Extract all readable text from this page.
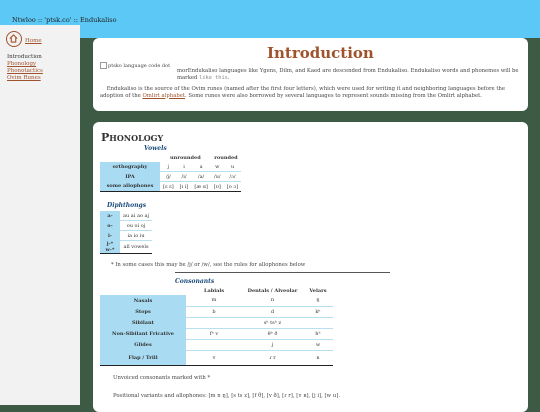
Ntwloo :: 'ptsk.co' :: Endukaliso
Home
Introduction
Phonology
Phonotactics
Ovim Runes
Introduction
ptsko language code dot
morEndukaliso languages like Ygens, Dilm, and Kaed are descended from Endukaliso. Endukaliso words and phonemes will be marked like this.
Endukaliso is the source of the Ovim runes (named after the first four letters), which were used for writing it and neighboring languages before the adoption of the Omlirt alphabet. Some runes were also borrowed by several languages to represent sounds missing from the Omlirt alphabet.
Phonology
Vowels
	unrounded			rounded	
orthography	j	i	a	w	u
IPA	/j/	/i/	/a/	/u/	/ɔ/
some allophones	[ɛ ɛ]	[ɪ i]	[æ ɑ]	[ʊ]	[o ɔ]
Diphthongs
a-	au ai ao aj
o-	ou oi oj
i-	ia io iu
j-* w-*	all vowels
* In some cases this may be /j/ or /w/, see the rules for allophones below
Consonants
	Labials	Dentals / Alveolar	Velars
Nasals	m	n	ŋ
Stops	b	d	kʰ
Sibilant		sʰ tsʰ z	
Non-Sibilant Fricative	fʰ v	θʰ ð	hʰ
Glides		j	w
Flap / Trill	ʏ	ɾ r	ʀ
Unvoiced consonants marked with *
Positional variants and allophones: [m n ŋ], [s ts z], [f θ], [v ð], [ɾ r], [ʏ ʀ], [j i], [w u].
